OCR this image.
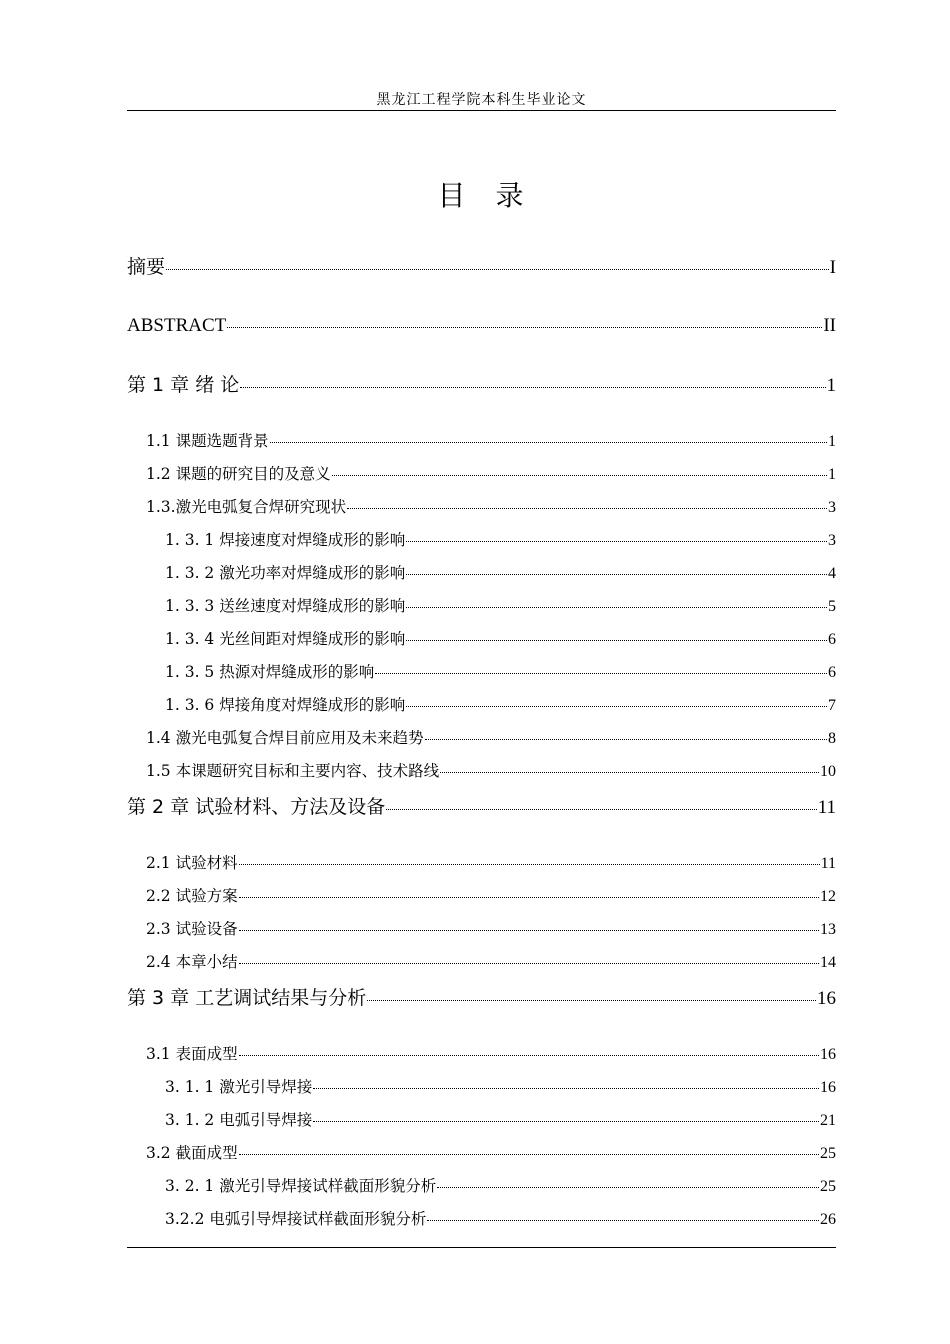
黑龙江工程学院本科生毕业论文
目 录
摘要	I
ABSTRACT	II
第 1 章 绪 论	1
1.1 课题选题背景	1
1.2 课题的研究目的及意义	1
1.3.激光电弧复合焊研究现状	3
1. 3. 1 焊接速度对焊缝成形的影响	3
1. 3. 2 激光功率对焊缝成形的影响	4
1. 3. 3 送丝速度对焊缝成形的影响	5
1. 3. 4 光丝间距对焊缝成形的影响	6
1. 3. 5 热源对焊缝成形的影响	6
1. 3. 6 焊接角度对焊缝成形的影响	7
1.4 激光电弧复合焊目前应用及未来趋势	8
1.5 本课题研究目标和主要内容、技术路线	10
第 2 章 试验材料、方法及设备	11
2.1 试验材料	11
2.2 试验方案	12
2.3 试验设备	13
2.4 本章小结	14
第 3 章 工艺调试结果与分析	16
3.1 表面成型	16
3. 1. 1 激光引导焊接	16
3. 1. 2 电弧引导焊接	21
3.2 截面成型	25
3. 2. 1 激光引导焊接试样截面形貌分析	25
3.2.2 电弧引导焊接试样截面形貌分析	26
